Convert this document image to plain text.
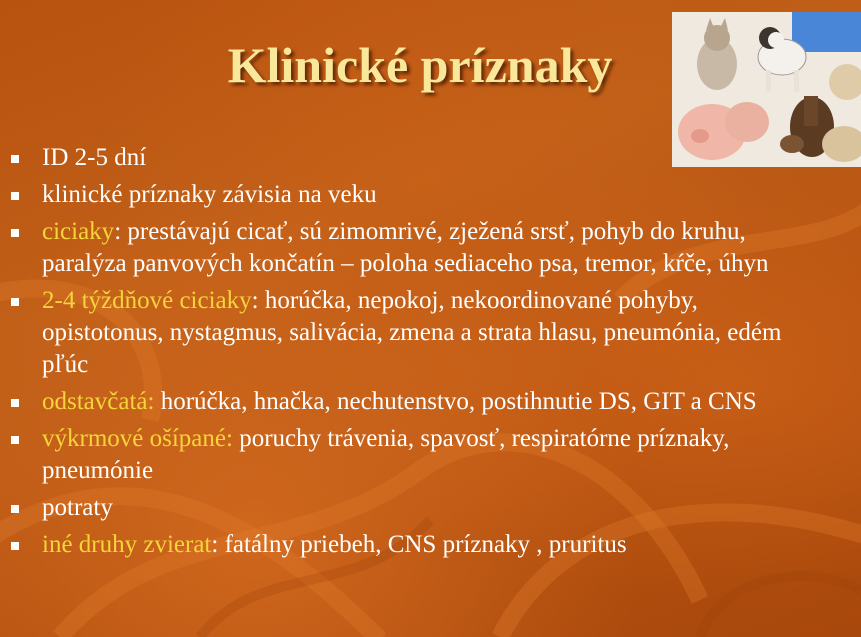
Klinické príznaky
ID 2-5 dní
klinické príznaky závisia na veku
ciciaky: prestávajú cicať, sú zimomrivé, zježená srsť, pohyb do kruhu, paralýza panvových končatín – poloha sediaceho psa, tremor, kŕče, úhyn
2-4 týždňové ciciaky: horúčka, nepokoj, nekoordinované pohyby, opistotonus, nystagmus, salivácia, zmena a strata hlasu, pneumónia, edém pľúc
odstavčatá: horúčka, hnačka, nechutenstvo, postihnutie DS, GIT a CNS
výkrmové ošípané: poruchy trávenia, spavosť, respiratórne príznaky, pneumónie
potraty
iné druhy zvierat: fatálny priebeh, CNS príznaky , pruritus
